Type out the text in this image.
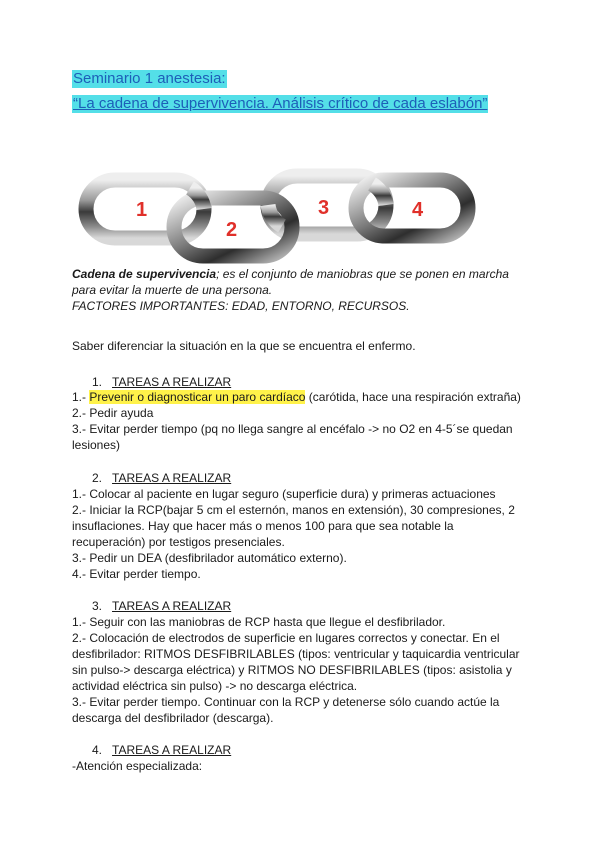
Seminario 1 anestesia:
“La cadena de supervivencia. Análisis crítico de cada eslabón”
1
2
3	4
Cadena de supervivencia; es el conjunto de maniobras que se ponen en marcha
para evitar la muerte de una persona.
FACTORES IMPORTANTES: EDAD, ENTORNO, RECURSOS.
Saber diferenciar la situación en la que se encuentra el enfermo.
1. TAREAS A REALIZAR
1.- Prevenir o diagnosticar un paro cardíaco (carótida, hace una respiración extraña)
2.- Pedir ayuda
3.- Evitar perder tiempo (pq no llega sangre al encéfalo -> no O2 en 4-5´se quedan
lesiones)
2. TAREAS A REALIZAR
1.- Colocar al paciente en lugar seguro (superficie dura) y primeras actuaciones
2.- Iniciar la RCP(bajar 5 cm el esternón, manos en extensión), 30 compresiones, 2
insuflaciones. Hay que hacer más o menos 100 para que sea notable la
recuperación) por testigos presenciales.
3.- Pedir un DEA (desfibrilador automático externo).
4.- Evitar perder tiempo.
3. TAREAS A REALIZAR
1.- Seguir con las maniobras de RCP hasta que llegue el desfibrilador.
2.- Colocación de electrodos de superficie en lugares correctos y conectar. En el
desfibrilador: RITMOS DESFIBRILABLES (tipos: ventricular y taquicardia ventricular
sin pulso-> descarga eléctrica) y RITMOS NO DESFIBRILABLES (tipos: asistolia y
actividad eléctrica sin pulso) -> no descarga eléctrica.
3.- Evitar perder tiempo. Continuar con la RCP y detenerse sólo cuando actúe la
descarga del desfibrilador (descarga).
4. TAREAS A REALIZAR
-Atención especializada:
